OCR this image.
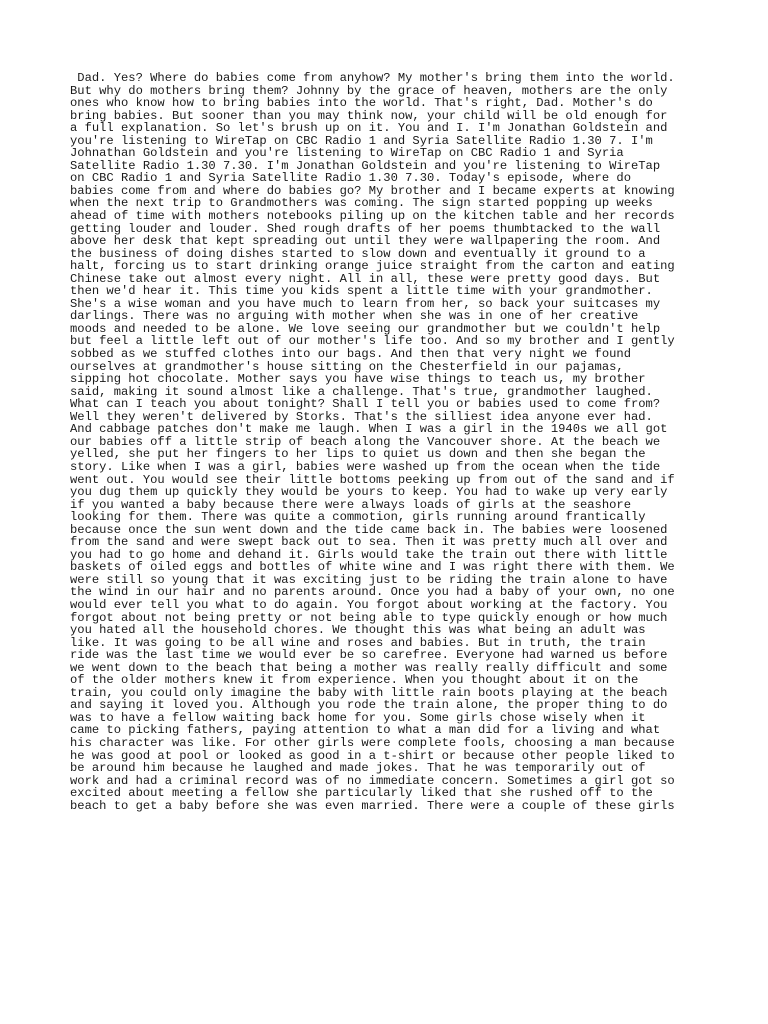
Dad. Yes? Where do babies come from anyhow? My mother's bring them into the world.
But why do mothers bring them? Johnny by the grace of heaven, mothers are the only
ones who know how to bring babies into the world. That's right, Dad. Mother's do
bring babies. But sooner than you may think now, your child will be old enough for
a full explanation. So let's brush up on it. You and I. I'm Jonathan Goldstein and
you're listening to WireTap on CBC Radio 1 and Syria Satellite Radio 1.30 7. I'm
Johnathan Goldstein and you're listening to WireTap on CBC Radio 1 and Syria
Satellite Radio 1.30 7.30. I'm Jonathan Goldstein and you're listening to WireTap
on CBC Radio 1 and Syria Satellite Radio 1.30 7.30. Today's episode, where do
babies come from and where do babies go? My brother and I became experts at knowing
when the next trip to Grandmothers was coming. The sign started popping up weeks
ahead of time with mothers notebooks piling up on the kitchen table and her records
getting louder and louder. Shed rough drafts of her poems thumbtacked to the wall
above her desk that kept spreading out until they were wallpapering the room. And
the business of doing dishes started to slow down and eventually it ground to a
halt, forcing us to start drinking orange juice straight from the carton and eating
Chinese take out almost every night. All in all, these were pretty good days. But
then we'd hear it. This time you kids spent a little time with your grandmother.
She's a wise woman and you have much to learn from her, so back your suitcases my
darlings. There was no arguing with mother when she was in one of her creative
moods and needed to be alone. We love seeing our grandmother but we couldn't help
but feel a little left out of our mother's life too. And so my brother and I gently
sobbed as we stuffed clothes into our bags. And then that very night we found
ourselves at grandmother's house sitting on the Chesterfield in our pajamas,
sipping hot chocolate. Mother says you have wise things to teach us, my brother
said, making it sound almost like a challenge. That's true, grandmother laughed.
What can I teach you about tonight? Shall I tell you or babies used to come from?
Well they weren't delivered by Storks. That's the silliest idea anyone ever had.
And cabbage patches don't make me laugh. When I was a girl in the 1940s we all got
our babies off a little strip of beach along the Vancouver shore. At the beach we
yelled, she put her fingers to her lips to quiet us down and then she began the
story. Like when I was a girl, babies were washed up from the ocean when the tide
went out. You would see their little bottoms peeking up from out of the sand and if
you dug them up quickly they would be yours to keep. You had to wake up very early
if you wanted a baby because there were always loads of girls at the seashore
looking for them. There was quite a commotion, girls running around frantically
because once the sun went down and the tide came back in. The babies were loosened
from the sand and were swept back out to sea. Then it was pretty much all over and
you had to go home and dehand it. Girls would take the train out there with little
baskets of oiled eggs and bottles of white wine and I was right there with them. We
were still so young that it was exciting just to be riding the train alone to have
the wind in our hair and no parents around. Once you had a baby of your own, no one
would ever tell you what to do again. You forgot about working at the factory. You
forgot about not being pretty or not being able to type quickly enough or how much
you hated all the household chores. We thought this was what being an adult was
like. It was going to be all wine and roses and babies. But in truth, the train
ride was the last time we would ever be so carefree. Everyone had warned us before
we went down to the beach that being a mother was really really difficult and some
of the older mothers knew it from experience. When you thought about it on the
train, you could only imagine the baby with little rain boots playing at the beach
and saying it loved you. Although you rode the train alone, the proper thing to do
was to have a fellow waiting back home for you. Some girls chose wisely when it
came to picking fathers, paying attention to what a man did for a living and what
his character was like. For other girls were complete fools, choosing a man because
he was good at pool or looked as good in a t-shirt or because other people liked to
be around him because he laughed and made jokes. That he was temporarily out of
work and had a criminal record was of no immediate concern. Sometimes a girl got so
excited about meeting a fellow she particularly liked that she rushed off to the
beach to get a baby before she was even married. There were a couple of these girls
